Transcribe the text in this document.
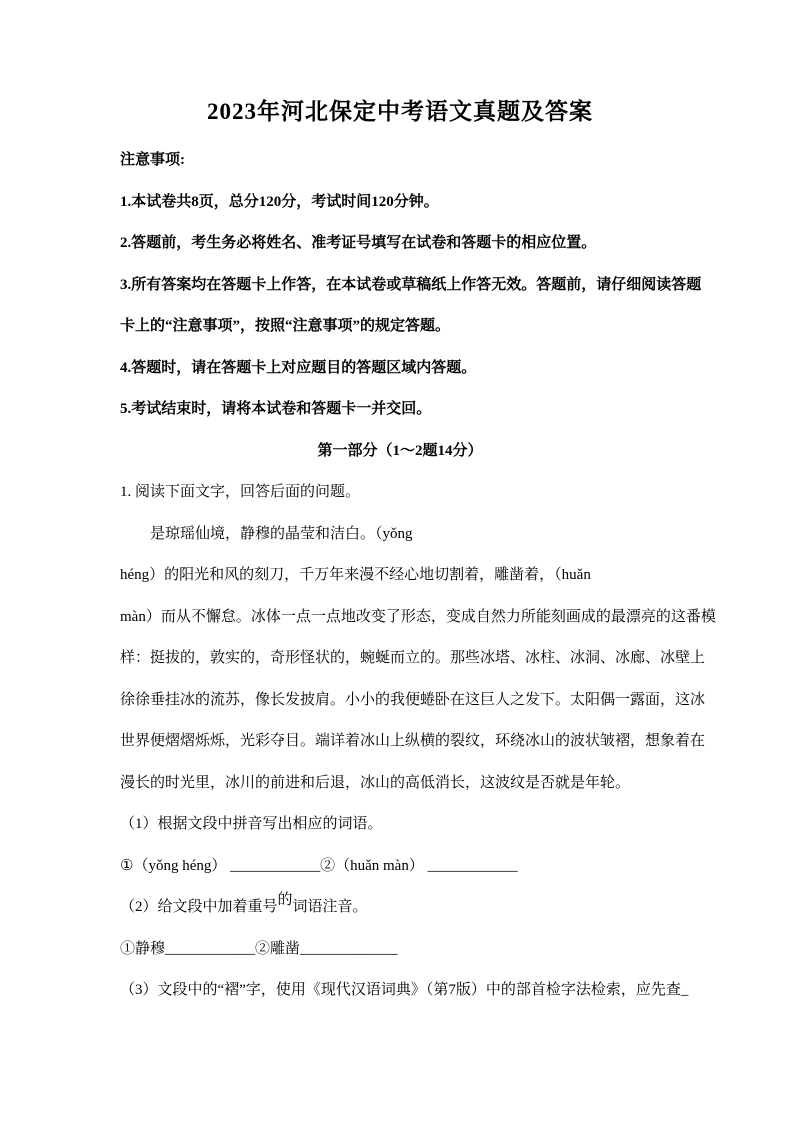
2023年河北保定中考语文真题及答案
注意事项:
1.本试卷共8页，总分120分，考试时间120分钟。
2.答题前，考生务必将姓名、准考证号填写在试卷和答题卡的相应位置。
3.所有答案均在答题卡上作答，在本试卷或草稿纸上作答无效。答题前，请仔细阅读答题
卡上的“注意事项”，按照“注意事项”的规定答题。
4.答题时，请在答题卡上对应题目的答题区域内答题。
5.考试结束时，请将本试卷和答题卡一并交回。
第一部分（1～2题14分）
1. 阅读下面文字，回答后面的问题。
是琼瑶仙境，静穆的晶莹和洁白。（yǒng
héng）的阳光和风的刻刀，千万年来漫不经心地切割着，雕凿着，（huǎn
màn）而从不懈怠。冰体一点一点地改变了形态，变成自然力所能刻画成的最漂亮的这番模
样：挺拔的，敦实的，奇形怪状的，蜿蜒而立的。那些冰塔、冰柱、冰洞、冰廊、冰壁上
徐徐垂挂冰的流苏，像长发披肩。小小的我便蜷卧在这巨人之发下。太阳偶一露面，这冰
世界便熠熠烁烁，光彩夺目。端详着冰山上纵横的裂纹，环绕冰山的波状皱褶，想象着在
漫长的时光里，冰川的前进和后退，冰山的高低消长，这波纹是否就是年轮。
（1）根据文段中拼音写出相应的词语。
①（yǒng héng） ____________②（huǎn màn） ____________
（2）给文段中加着重号的词语注音。
①静穆____________②雕凿_____________
（3）文段中的“褶”字，使用《现代汉语词典》（第7版）中的部首检字法检索，应先查_
